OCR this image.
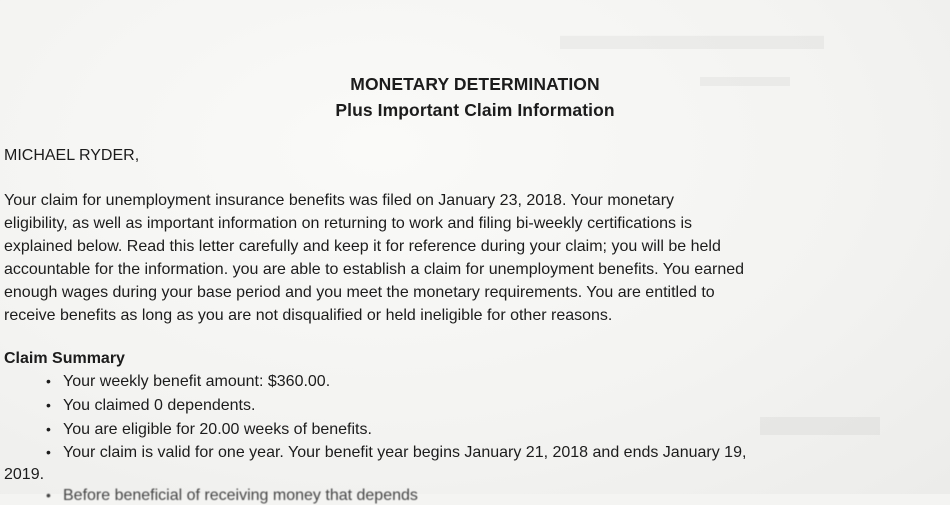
MONETARY DETERMINATION
Plus Important Claim Information
MICHAEL RYDER,
Your claim for unemployment insurance benefits was filed on January 23, 2018. Your monetary
eligibility, as well as important information on returning to work and filing bi-weekly certifications is
explained below. Read this letter carefully and keep it for reference during your claim; you will be held
accountable for the information. you are able to establish a claim for unemployment benefits. You earned
enough wages during your base period and you meet the monetary requirements. You are entitled to
receive benefits as long as you are not disqualified or held ineligible for other reasons.
Claim Summary
• Your weekly benefit amount: $360.00.
• You claimed 0 dependents.
• You are eligible for 20.00 weeks of benefits.
• Your claim is valid for one year. Your benefit year begins January 21, 2018 and ends January 19,
2019.
• Before beneficial of receiving money that depends
